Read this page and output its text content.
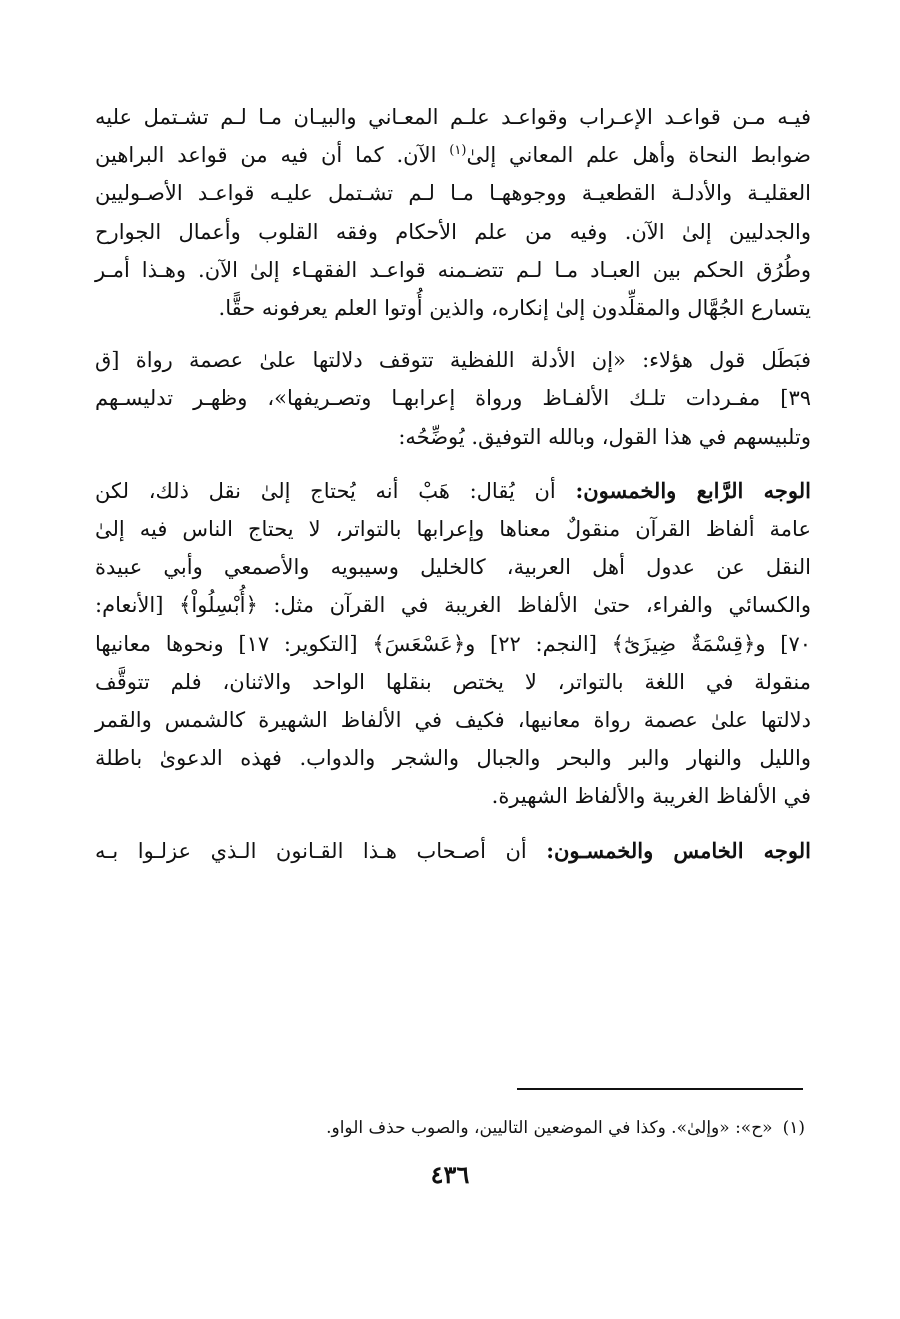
فيـه مـن قواعـد الإعـراب وقواعـد علـم المعـاني والبيـان مـا لـم تشـتمل عليه
ضوابط النحاة وأهل علم المعاني إلىٰ$^{(١)}$ الآن. كما أن فيه من قواعد البراهين
العقليـة والأدلـة القطعيـة ووجوههـا مـا لـم تشـتمل عليـه قواعـد الأصـوليين
والجدليين إلىٰ الآن. وفيه من علم الأحكام وفقه القلوب وأعمال الجوارح
وطُرُق الحكم بين العبـاد مـا لـم تتضـمنه قواعـد الفقهـاء إلىٰ الآن. وهـذا أمـر
يتسارع الجُهَّال والمقلِّدون إلىٰ إنكاره، والذين أُوتوا العلم يعرفونه حقًّا.

فبَطَل قول هؤلاء: «إن الأدلة اللفظية تتوقف دلالتها علىٰ عصمة رواة [ق
٣٩] مفـردات تلـك الألفـاظ ورواة إعرابهـا وتصـريفها»، وظهـر تدليسـهم
وتلبيسهم في هذا القول، وبالله التوفيق. يُوضِّحُه:

الوجه الرَّابع والخمسون: أن يُقال: هَبْ أنه يُحتاج إلىٰ نقل ذلك، لكن
عامة ألفاظ القرآن منقولٌ معناها وإعرابها بالتواتر، لا يحتاج الناس فيه إلىٰ
النقل عن عدول أهل العربية، كالخليل وسيبويه والأصمعي وأبي عبيدة
والكسائي والفراء، حتىٰ الألفاظ الغريبة في القرآن مثل: ﴿أُبْسِلُواْ﴾ [الأنعام:
٧٠] و﴿قِسْمَةٌ ضِيزَىٰٓ﴾ [النجم: ٢٢] و﴿عَسْعَسَ﴾ [التكوير: ١٧] ونحوها معانيها
منقولة في اللغة بالتواتر، لا يختص بنقلها الواحد والاثنان، فلم تتوقَّف
دلالتها علىٰ عصمة رواة معانيها، فكيف في الألفاظ الشهيرة كالشمس والقمر
والليل والنهار والبر والبحر والجبال والشجر والدواب. فهذه الدعوىٰ باطلة
في الألفاظ الغريبة والألفاظ الشهيرة.

الوجه الخامس والخمسـون: أن أصـحاب هـذا القـانون الـذي عزلـوا بـه

(١)«ح»: «وإلىٰ». وكذا في الموضعين التاليين، والصوب حذف الواو.
٤٣٦
